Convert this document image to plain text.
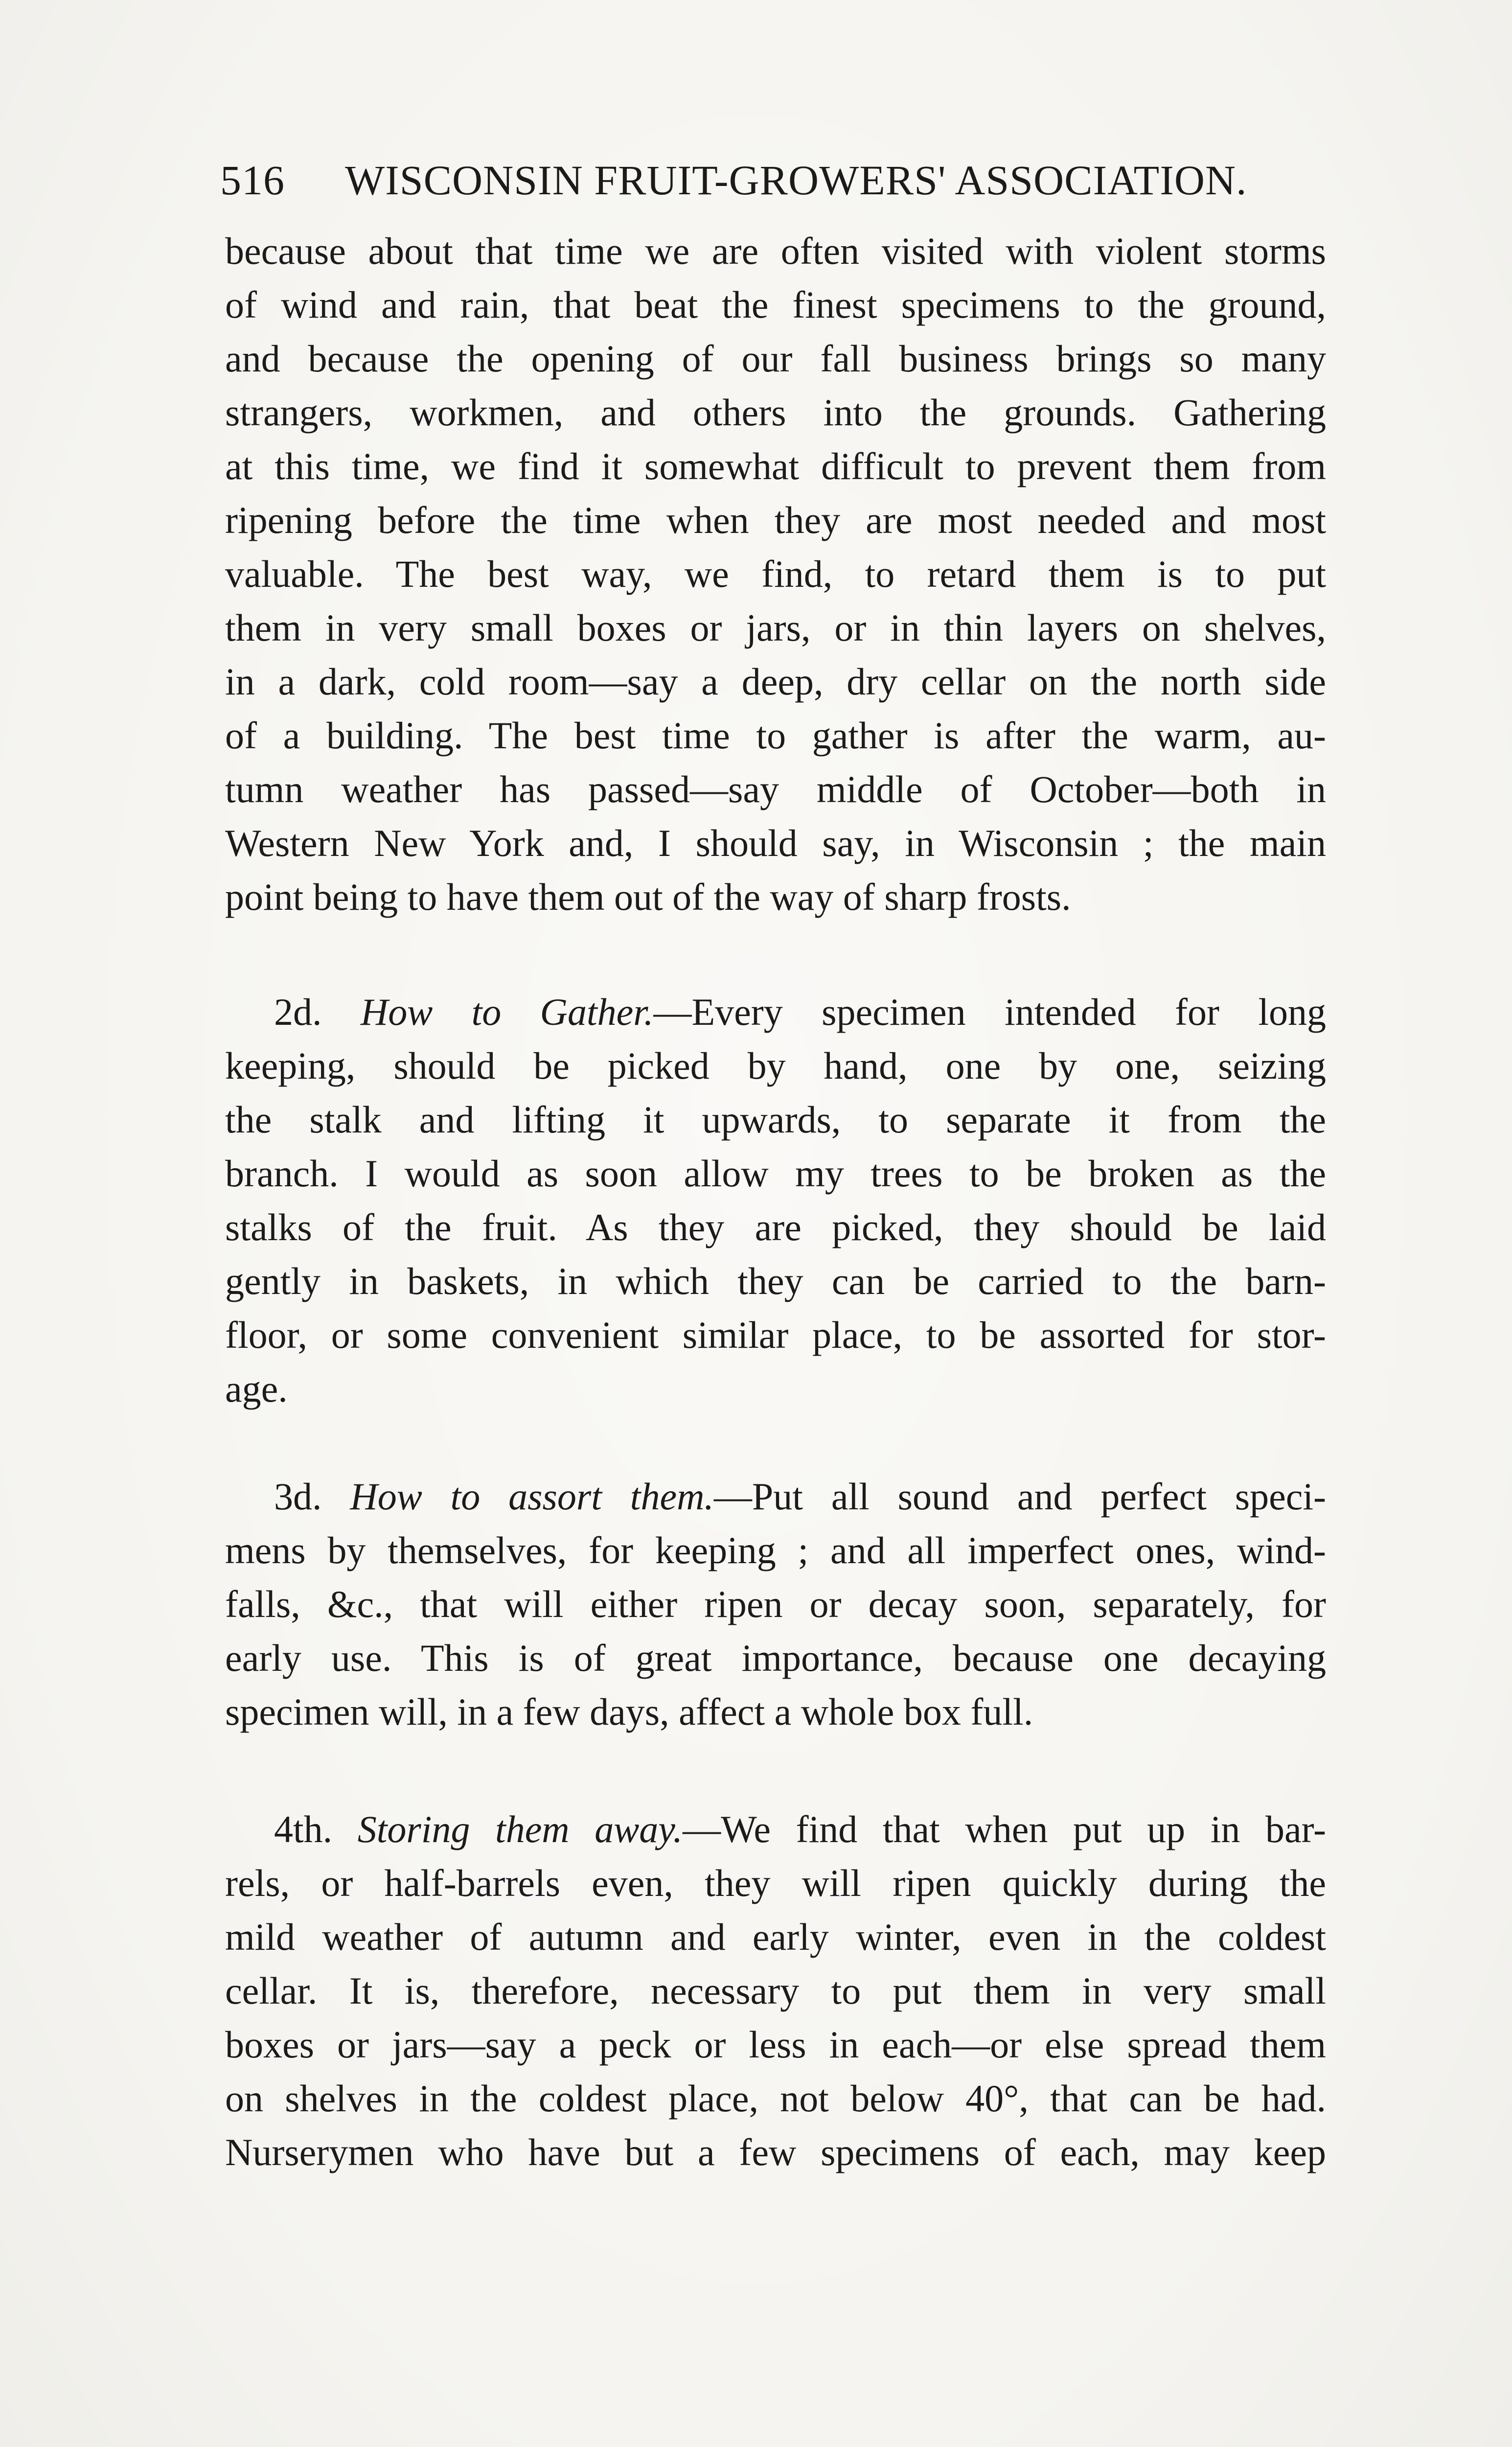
516 WISCONSIN FRUIT-GROWERS' ASSOCIATION.
because about that time we are often visited with violent storms
of wind and rain, that beat the finest specimens to the ground,
and because the opening of our fall business brings so many
strangers, workmen, and others into the grounds. Gathering
at this time, we find it somewhat difficult to prevent them from
ripening before the time when they are most needed and most
valuable. The best way, we find, to retard them is to put
them in very small boxes or jars, or in thin layers on shelves,
in a dark, cold room—say a deep, dry cellar on the north side
of a building. The best time to gather is after the warm, au-
tumn weather has passed—say middle of October—both in
Western New York and, I should say, in Wisconsin ; the main
point being to have them out of the way of sharp frosts.
2d. How to Gather.—Every specimen intended for long
keeping, should be picked by hand, one by one, seizing
the stalk and lifting it upwards, to separate it from the
branch. I would as soon allow my trees to be broken as the
stalks of the fruit. As they are picked, they should be laid
gently in baskets, in which they can be carried to the barn-
floor, or some convenient similar place, to be assorted for stor-
age.
3d. How to assort them.—Put all sound and perfect speci-
mens by themselves, for keeping ; and all imperfect ones, wind-
falls, &c., that will either ripen or decay soon, separately, for
early use. This is of great importance, because one decaying
specimen will, in a few days, affect a whole box full.
4th. Storing them away.—We find that when put up in bar-
rels, or half-barrels even, they will ripen quickly during the
mild weather of autumn and early winter, even in the coldest
cellar. It is, therefore, necessary to put them in very small
boxes or jars—say a peck or less in each—or else spread them
on shelves in the coldest place, not below 40°, that can be had.
Nurserymen who have but a few specimens of each, may keep
